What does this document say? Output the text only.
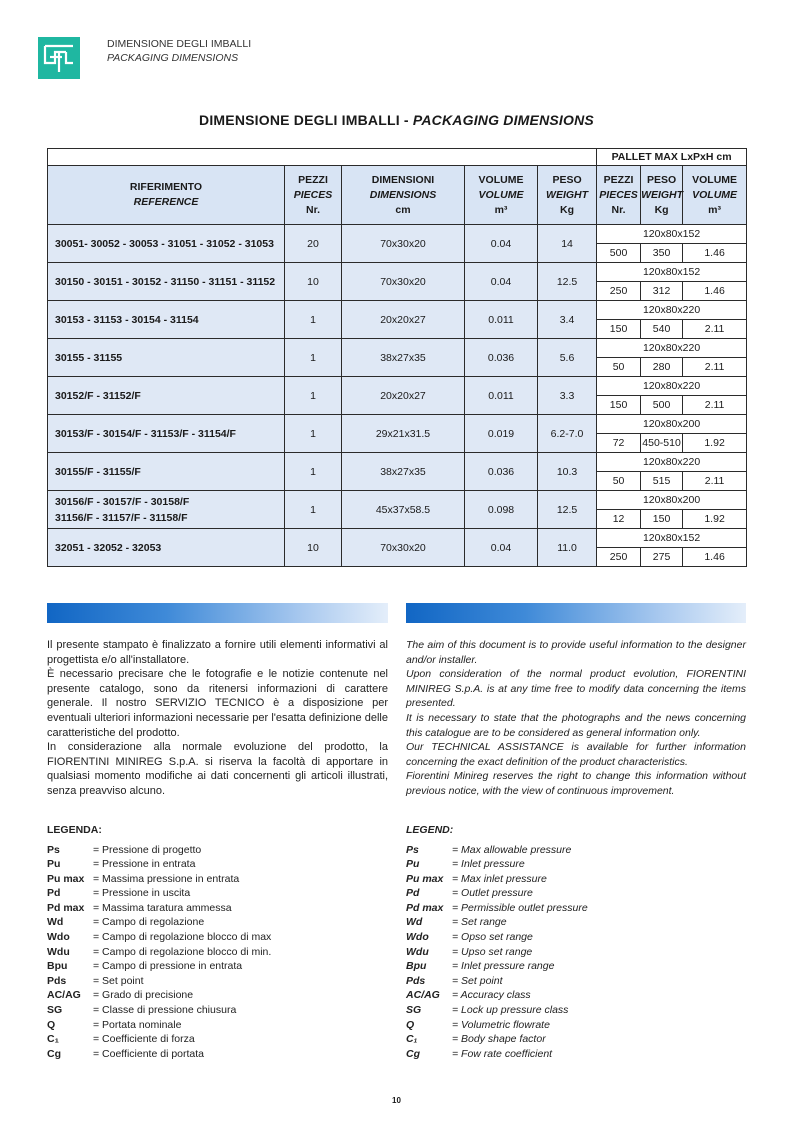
DIMENSIONE DEGLI IMBALLI
PACKAGING DIMENSIONS
DIMENSIONE DEGLI IMBALLI - PACKAGING DIMENSIONS
					PALLET MAX LxPxH cm		

RIFERIMENTO
REFERENCE	PEZZI
PIECES
Nr.	DIMENSIONI
DIMENSIONS
cm	VOLUME
VOLUME
m³	PESO
WEIGHT
Kg	PEZZI
PIECES
Nr.	PESO
WEIGHT
Kg	VOLUME
VOLUME
m³

30051- 30052 - 30053 - 31051 - 31052 - 31053	20	70x30x20	0.04	14	120x80x152		
					500	350	1.46

30150 - 30151 - 30152 - 31150 - 31151 - 31152	10	70x30x20	0.04	12.5	120x80x152		
					250	312	1.46

30153 - 31153 - 30154 - 31154	1	20x20x27	0.011	3.4	120x80x220		
					150	540	2.11

30155 - 31155	1	38x27x35	0.036	5.6	120x80x220		
					50	280	2.11

30152/F - 31152/F	1	20x20x27	0.011	3.3	120x80x220		
					150	500	2.11

30153/F - 30154/F - 31153/F - 31154/F	1	29x21x31.5	0.019	6.2-7.0	120x80x200		
					72	450-510	1.92

30155/F - 31155/F	1	38x27x35	0.036	10.3	120x80x220		
					50	515	2.11

30156/F - 30157/F - 30158/F
31156/F - 31157/F - 31158/F	1	45x37x58.5	0.098	12.5	120x80x200		
					12	150	1.92

32051 - 32052 - 32053	10	70x30x20	0.04	11.0	120x80x152		
					250	275	1.46

Il presente stampato è finalizzato a fornire utili elementi informativi al progettista e/o all'installatore.

È necessario precisare che le fotografie e le notizie contenute nel presente catalogo, sono da ritenersi informazioni di carattere generale. Il nostro SERVIZIO TECNICO è a disposizione per eventuali ulteriori informazioni necessarie per l'esatta definizione delle caratteristiche del prodotto.

In considerazione alla normale evoluzione del prodotto, la FIORENTINI MINIREG S.p.A. si riserva la facoltà di apportare in qualsiasi momento modifiche ai dati concernenti gli articoli illustrati, senza preavviso alcuno.

The aim of this document is to provide useful information to the designer and/or installer.

Upon consideration of the normal product evolution, FIORENTINI MINIREG S.p.A. is at any time free to modify data concerning the items presented.

It is necessary to state that the photographs and the news concerning this catalogue are to be considered as general information only.

Our TECHNICAL ASSISTANCE is available for further information concerning the exact definition of the product characteristics.

Fiorentini Minireg reserves the right to change this information without previous notice, with the view of continuous improvement.

LEGENDA:
Ps	= Pressione di progetto
Pu	= Pressione in entrata
Pu max = Massima pressione in entrata
Pd	= Pressione in uscita
Pd max = Massima taratura ammessa
Wd	= Campo di regolazione
Wdo = Campo di regolazione blocco di max
Wdu = Campo di regolazione blocco di min.
Bpu = Campo di pressione in entrata
Pds	= Set point
AC/AG = Grado di precisione
SG	= Classe di pressione chiusura
Q	= Portata nominale
C₁	= Coefficiente di forza
Cg	= Coefficiente di portata
LEGEND:
Ps	= Max allowable pressure
Pu	= Inlet pressure
Pu max = Max inlet pressure
Pd	= Outlet pressure
Pd max = Permissible outlet pressure
Wd	= Set range
Wdo = Opso set range
Wdu = Upso set range
Bpu = Inlet pressure range
Pds	= Set point
AC/AG = Accuracy class
SG	= Lock up pressure class
Q	= Volumetric flowrate
C₁	= Body shape factor
Cg	= Fow rate coefficient
10
